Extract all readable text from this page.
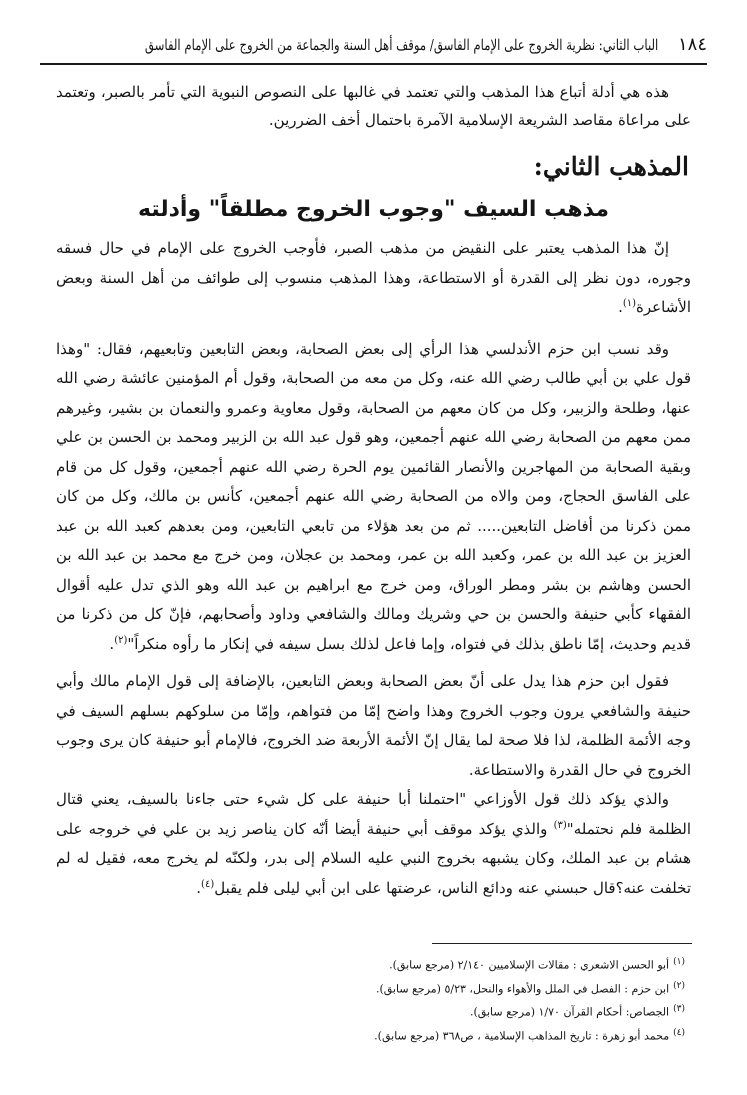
١٨٤  الباب الثاني: نظرية الخروج على الإمام الفاسق/ موقف أهل السنة والجماعة من الخروج على الإمام الفاسق

هذه هي أدلة أتباع هذا المذهب والتي تعتمد في غالبها على النصوص النبوية التي تأمر بالصبر، وتعتمد على مراعاة مقاصد الشريعة الإسلامية الآمرة باحتمال أخف الضررين.

المذهب الثاني:
مذهب السيف "وجوب الخروج مطلقاً" وأدلته

إنّ هذا المذهب يعتبر على النقيض من مذهب الصبر، فأوجب الخروج على الإمام في حال فسقه وجوره، دون نظر إلى القدرة أو الاستطاعة، وهذا المذهب منسوب إلى طوائف من أهل السنة وبعض الأشاعرة$^{(١)}$.

وقد نسب ابن حزم الأندلسي هذا الرأي إلى بعض الصحابة، وبعض التابعين وتابعيهم، فقال: "وهذا قول علي بن أبي طالب رضي الله عنه، وكل من معه من الصحابة، وقول أم المؤمنين عائشة رضي الله عنها، وطلحة والزبير، وكل من كان معهم من الصحابة، وقول معاوية وعمرو والنعمان بن بشير، وغيرهم ممن معهم من الصحابة رضي الله عنهم أجمعين، وهو قول عبد الله بن الزبير ومحمد بن الحسن بن علي وبقية الصحابة من المهاجرين والأنصار القائمين يوم الحرة رضي الله عنهم أجمعين، وقول كل من قام على الفاسق الحجاج، ومن والاه من الصحابة رضي الله عنهم أجمعين، كأنس بن مالك، وكل من كان ممن ذكرنا من أفاضل التابعين..... ثم من بعد هؤلاء من تابعي التابعين، ومن بعدهم كعبد الله بن عبد العزيز بن عبد الله بن عمر، وكعبد الله بن عمر، ومحمد بن عجلان، ومن خرج مع محمد بن عبد الله بن الحسن وهاشم بن بشر ومطر الوراق، ومن خرج مع ابراهيم بن عبد الله وهو الذي تدل عليه أقوال الفقهاء كأبي حنيفة والحسن بن حي وشريك ومالك والشافعي وداود وأصحابهم، فإنّ كل من ذكرنا من قديم وحديث، إمّا ناطق بذلك في فتواه، وإما فاعل لذلك بسل سيفه في إنكار ما رأوه منكراً"$^{(٢)}$.

فقول ابن حزم هذا يدل على أنّ بعض الصحابة وبعض التابعين، بالإضافة إلى قول الإمام مالك وأبي حنيفة والشافعي يرون وجوب الخروج وهذا واضح إمّا من فتواهم، وإمّا من سلوكهم بسلهم السيف في وجه الأئمة الظلمة، لذا فلا صحة لما يقال إنّ الأئمة الأربعة ضد الخروج، فالإمام أبو حنيفة كان يرى وجوب الخروج في حال القدرة والاستطاعة.

والذي يؤكد ذلك قول الأوزاعي "احتملنا أبا حنيفة على كل شيء حتى جاءنا بالسيف، يعني قتال الظلمة فلم نحتمله"$^{(٣)}$ والذي يؤكد موقف أبي حنيفة أيضا أنّه كان يناصر زيد بن علي في خروجه على هشام بن عبد الملك، وكان يشبهه بخروج النبي عليه السلام إلى بدر، ولكنّه لم يخرج معه، فقيل له لم تخلفت عنه؟قال حبسني عنه ودائع الناس، عرضتها على ابن أبي ليلى فلم يقبل$^{(٤)}$.

$^{(١)}$أبو الحسن الاشعري : مقالات الإسلاميين ٢/١٤٠ (مرجع سابق).
$^{(٢)}$ابن حزم : الفصل في الملل والأهواء والنحل، ٥/٢٣ (مرجع سابق).
$^{(٣)}$الجصاص: أحكام القرآن ١/٧٠ (مرجع سابق).
$^{(٤)}$محمد أبو زهرة : تاريخ المذاهب الإسلامية ، ص٣٦٨ (مرجع سابق).
